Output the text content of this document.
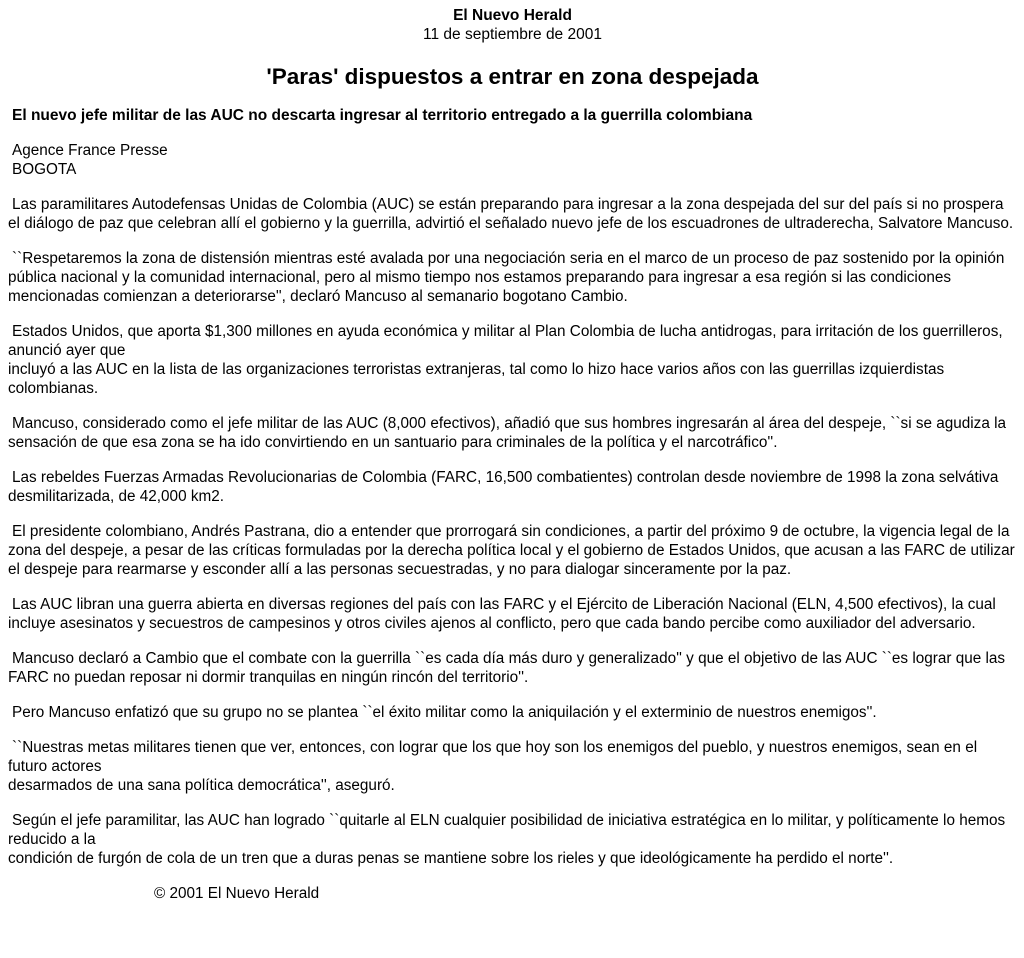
El Nuevo Herald
11 de septiembre de 2001
'Paras' dispuestos a entrar en zona despejada
El nuevo jefe militar de las AUC no descarta ingresar al territorio entregado a la guerrilla colombiana
Agence France Presse
BOGOTA

Las paramilitares Autodefensas Unidas de Colombia (AUC) se están preparando para ingresar a la zona despejada del sur del país si no prospera el diálogo de paz que celebran allí el gobierno y la guerrilla, advirtió el señalado nuevo jefe de los escuadrones de ultraderecha, Salvatore Mancuso.

``Respetaremos la zona de distensión mientras esté avalada por una negociación seria en el marco de un proceso de paz sostenido por la opinión pública nacional y la comunidad internacional, pero al mismo tiempo nos estamos preparando para ingresar a esa región si las condiciones mencionadas comienzan a deteriorarse'', declaró Mancuso al semanario bogotano Cambio.

Estados Unidos, que aporta $1,300 millones en ayuda económica y militar al Plan Colombia de lucha antidrogas, para irritación de los guerrilleros, anunció ayer que
incluyó a las AUC en la lista de las organizaciones terroristas extranjeras, tal como lo hizo hace varios años con las guerrillas izquierdistas colombianas.

Mancuso, considerado como el jefe militar de las AUC (8,000 efectivos), añadió que sus hombres ingresarán al área del despeje, ``si se agudiza la sensación de que esa zona se ha ido convirtiendo en un santuario para criminales de la política y el narcotráfico''.

Las rebeldes Fuerzas Armadas Revolucionarias de Colombia (FARC, 16,500 combatientes) controlan desde noviembre de 1998 la zona selvátiva desmilitarizada, de 42,000 km2.

El presidente colombiano, Andrés Pastrana, dio a entender que prorrogará sin condiciones, a partir del próximo 9 de octubre, la vigencia legal de la zona del despeje, a pesar de las críticas formuladas por la derecha política local y el gobierno de Estados Unidos, que acusan a las FARC de utilizar el despeje para rearmarse y esconder allí a las personas secuestradas, y no para dialogar sinceramente por la paz.

Las AUC libran una guerra abierta en diversas regiones del país con las FARC y el Ejército de Liberación Nacional (ELN, 4,500 efectivos), la cual incluye asesinatos y secuestros de campesinos y otros civiles ajenos al conflicto, pero que cada bando percibe como auxiliador del adversario.

Mancuso declaró a Cambio que el combate con la guerrilla ``es cada día más duro y generalizado'' y que el objetivo de las AUC ``es lograr que las FARC no puedan reposar ni dormir tranquilas en ningún rincón del territorio''.

Pero Mancuso enfatizó que su grupo no se plantea ``el éxito militar como la aniquilación y el exterminio de nuestros enemigos''.

``Nuestras metas militares tienen que ver, entonces, con lograr que los que hoy son los enemigos del pueblo, y nuestros enemigos, sean en el futuro actores
desarmados de una sana política democrática'', aseguró.

Según el jefe paramilitar, las AUC han logrado ``quitarle al ELN cualquier posibilidad de iniciativa estratégica en lo militar, y políticamente lo hemos reducido a la
condición de furgón de cola de un tren que a duras penas se mantiene sobre los rieles y que ideológicamente ha perdido el norte''.

© 2001 El Nuevo Herald
